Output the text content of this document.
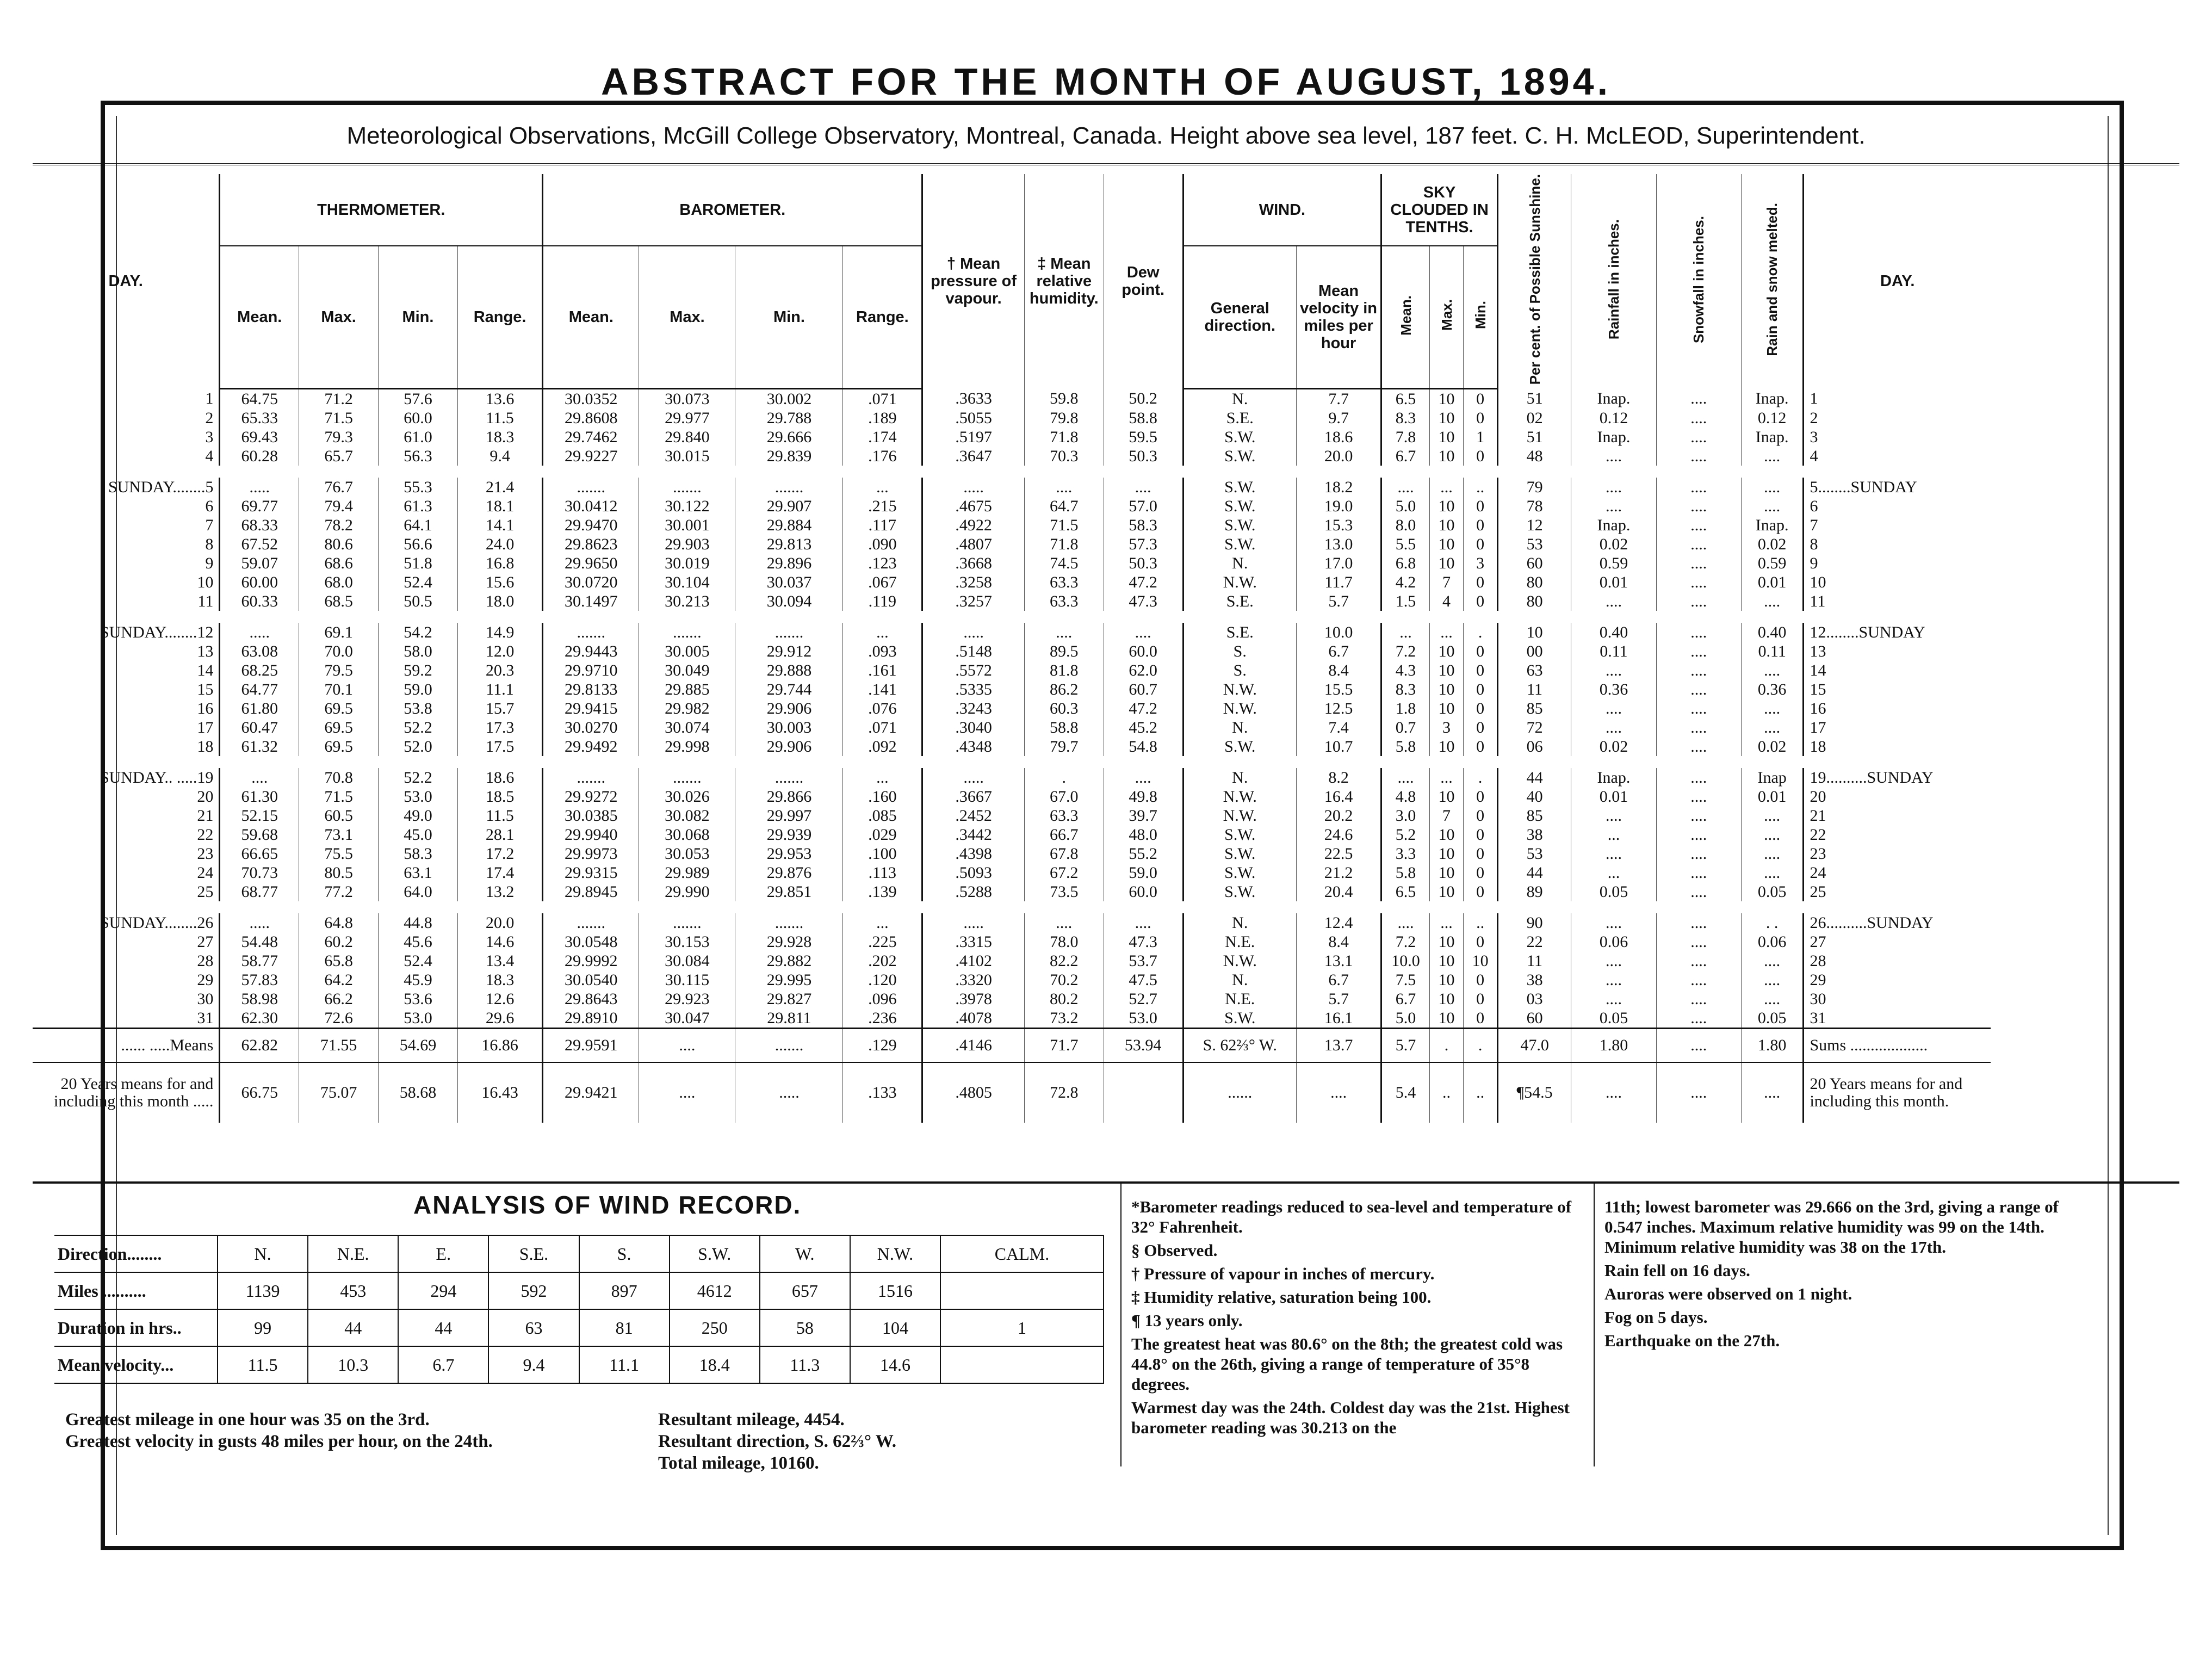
ABSTRACT FOR THE MONTH OF AUGUST, 1894.
Meteorological Observations, McGill College Observatory, Montreal, Canada. Height above sea level, 187 feet. C. H. McLEOD, Superintendent.
DAY.	THERMOMETER.				BAROMETER.				† Mean pressure of vapour.	‡ Mean relative humidity.	Dew point.	WIND.		SKY CLOUDED IN TENTHS.			Per cent. of Possible Sunshine.	Rainfall in inches.	Snowfall in inches.	Rain and snow melted.	DAY.
	Mean.	Max.	Min.	Range.	Mean.	Max.	Min.	Range.				General direction.	Mean velocity in miles per hour	Mean.	Max.	Min.					
1	64.75	71.2	57.6	13.6	30.0352	30.073	30.002	.071	.3633	59.8	50.2	N.	7.7	6.5	10	0	51	Inap.	....	Inap.	1
2	65.33	71.5	60.0	11.5	29.8608	29.977	29.788	.189	.5055	79.8	58.8	S.E.	9.7	8.3	10	0	02	0.12	....	0.12	2
3	69.43	79.3	61.0	18.3	29.7462	29.840	29.666	.174	.5197	71.8	59.5	S.W.	18.6	7.8	10	1	51	Inap.	....	Inap.	3
4	60.28	65.7	56.3	9.4	29.9227	30.015	29.839	.176	.3647	70.3	50.3	S.W.	20.0	6.7	10	0	48	....	....	....	4

SUNDAY........5	.....	76.7	55.3	21.4	.......	.......	.......	...	.....	....	....	S.W.	18.2	....	...	..	79	....	....	....	5........SUNDAY
6	69.77	79.4	61.3	18.1	30.0412	30.122	29.907	.215	.4675	64.7	57.0	S.W.	19.0	5.0	10	0	78	....	....	....	6
7	68.33	78.2	64.1	14.1	29.9470	30.001	29.884	.117	.4922	71.5	58.3	S.W.	15.3	8.0	10	0	12	Inap.	....	Inap.	7
8	67.52	80.6	56.6	24.0	29.8623	29.903	29.813	.090	.4807	71.8	57.3	S.W.	13.0	5.5	10	0	53	0.02	....	0.02	8
9	59.07	68.6	51.8	16.8	29.9650	30.019	29.896	.123	.3668	74.5	50.3	N.	17.0	6.8	10	3	60	0.59	....	0.59	9
10	60.00	68.0	52.4	15.6	30.0720	30.104	30.037	.067	.3258	63.3	47.2	N.W.	11.7	4.2	7	0	80	0.01	....	0.01	10
11	60.33	68.5	50.5	18.0	30.1497	30.213	30.094	.119	.3257	63.3	47.3	S.E.	5.7	1.5	4	0	80	....	....	....	11

SUNDAY........12	.....	69.1	54.2	14.9	.......	.......	.......	...	.....	....	....	S.E.	10.0	...	...	.	10	0.40	....	0.40	12........SUNDAY
13	63.08	70.0	58.0	12.0	29.9443	30.005	29.912	.093	.5148	89.5	60.0	S.	6.7	7.2	10	0	00	0.11	....	0.11	13
14	68.25	79.5	59.2	20.3	29.9710	30.049	29.888	.161	.5572	81.8	62.0	S.	8.4	4.3	10	0	63	....	....	....	14
15	64.77	70.1	59.0	11.1	29.8133	29.885	29.744	.141	.5335	86.2	60.7	N.W.	15.5	8.3	10	0	11	0.36	....	0.36	15
16	61.80	69.5	53.8	15.7	29.9415	29.982	29.906	.076	.3243	60.3	47.2	N.W.	12.5	1.8	10	0	85	....	....	....	16
17	60.47	69.5	52.2	17.3	30.0270	30.074	30.003	.071	.3040	58.8	45.2	N.	7.4	0.7	3	0	72	....	....	....	17
18	61.32	69.5	52.0	17.5	29.9492	29.998	29.906	.092	.4348	79.7	54.8	S.W.	10.7	5.8	10	0	06	0.02	....	0.02	18

SUNDAY.. .....19	....	70.8	52.2	18.6	.......	.......	.......	...	.....	.	....	N.	8.2	....	...	.	44	Inap.	....	Inap	19..........SUNDAY
20	61.30	71.5	53.0	18.5	29.9272	30.026	29.866	.160	.3667	67.0	49.8	N.W.	16.4	4.8	10	0	40	0.01	....	0.01	20
21	52.15	60.5	49.0	11.5	30.0385	30.082	29.997	.085	.2452	63.3	39.7	N.W.	20.2	3.0	7	0	85	....	....	....	21
22	59.68	73.1	45.0	28.1	29.9940	30.068	29.939	.029	.3442	66.7	48.0	S.W.	24.6	5.2	10	0	38	...	....	....	22
23	66.65	75.5	58.3	17.2	29.9973	30.053	29.953	.100	.4398	67.8	55.2	S.W.	22.5	3.3	10	0	53	....	....	....	23
24	70.73	80.5	63.1	17.4	29.9315	29.989	29.876	.113	.5093	67.2	59.0	S.W.	21.2	5.8	10	0	44	...	....	....	24
25	68.77	77.2	64.0	13.2	29.8945	29.990	29.851	.139	.5288	73.5	60.0	S.W.	20.4	6.5	10	0	89	0.05	....	0.05	25

SUNDAY........26	.....	64.8	44.8	20.0	.......	.......	.......	...	.....	....	....	N.	12.4	....	...	..	90	....	....	. .	26..........SUNDAY
27	54.48	60.2	45.6	14.6	30.0548	30.153	29.928	.225	.3315	78.0	47.3	N.E.	8.4	7.2	10	0	22	0.06	....	0.06	27
28	58.77	65.8	52.4	13.4	29.9992	30.084	29.882	.202	.4102	82.2	53.7	N.W.	13.1	10.0	10	10	11	....	....	....	28
29	57.83	64.2	45.9	18.3	30.0540	30.115	29.995	.120	.3320	70.2	47.5	N.	6.7	7.5	10	0	38	....	....	....	29
30	58.98	66.2	53.6	12.6	29.8643	29.923	29.827	.096	.3978	80.2	52.7	N.E.	5.7	6.7	10	0	03	....	....	....	30
31	62.30	72.6	53.0	29.6	29.8910	30.047	29.811	.236	.4078	73.2	53.0	S.W.	16.1	5.0	10	0	60	0.05	....	0.05	31
...... .....Means	62.82	71.55	54.69	16.86	29.9591	....	.......	.129	.4146	71.7	53.94	S. 62⅔° W.	13.7	5.7	.	.	47.0	1.80	....	1.80	Sums ...................
20 Years means for and including this month .....	66.75	75.07	58.68	16.43	29.9421	....	.....	.133	.4805	72.8		......	....	5.4	..	..	¶54.5	....	....	....	20 Years means for and including this month.
ANALYSIS OF WIND RECORD.
Direction........	N.	N.E.	E.	S.E.	S.	S.W.	W.	N.W.	CALM.
Miles ..........	1139	453	294	592	897	4612	657	1516	
Duration in hrs..	99	44	44	63	81	250	58	104	1
Mean velocity...	11.5	10.3	6.7	9.4	11.1	18.4	11.3	14.6	
Greatest mileage in one hour was 35 on the 3rd.
Greatest velocity in gusts 48 miles per hour, on the 24th.
Resultant mileage, 4454.
Resultant direction, S. 62⅔° W.
Total mileage, 10160.
*Barometer readings reduced to sea-level and temperature of 32° Fahrenheit.
§ Observed.
† Pressure of vapour in inches of mercury.
‡ Humidity relative, saturation being 100.
¶ 13 years only.
The greatest heat was 80.6° on the 8th; the greatest cold was 44.8° on the 26th, giving a range of temperature of 35°8 degrees.
Warmest day was the 24th. Coldest day was the 21st. Highest barometer reading was 30.213 on the
11th; lowest barometer was 29.666 on the 3rd, giving a range of 0.547 inches. Maximum relative humidity was 99 on the 14th. Minimum relative humidity was 38 on the 17th.
Rain fell on 16 days.
Auroras were observed on 1 night.
Fog on 5 days.
Earthquake on the 27th.
